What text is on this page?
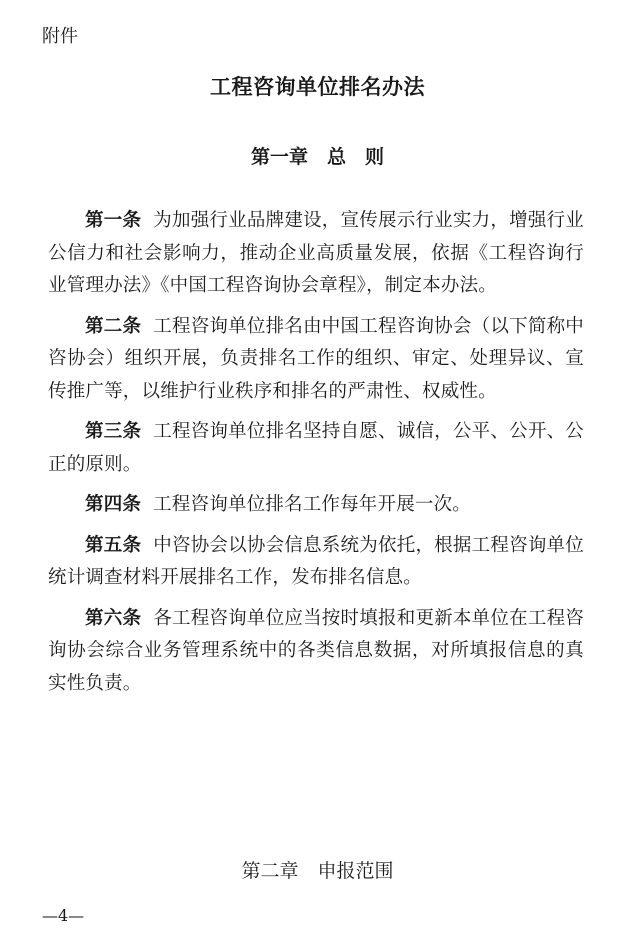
附件
工程咨询单位排名办法
第一章　总　则

第一条 为加强行业品牌建设，宣传展示行业实力，增强行业公信力和社会影响力，推动企业高质量发展，依据《工程咨询行业管理办法》《中国工程咨询协会章程》，制定本办法。

第二条 工程咨询单位排名由中国工程咨询协会（以下简称中咨协会）组织开展，负责排名工作的组织、审定、处理异议、宣传推广等，以维护行业秩序和排名的严肃性、权威性。

第三条 工程咨询单位排名坚持自愿、诚信，公平、公开、公正的原则。

第四条 工程咨询单位排名工作每年开展一次。

第五条 中咨协会以协会信息系统为依托，根据工程咨询单位统计调查材料开展排名工作，发布排名信息。

第六条 各工程咨询单位应当按时填报和更新本单位在工程咨询协会综合业务管理系统中的各类信息数据，对所填报信息的真实性负责。

第二章　申报范围
—4—
